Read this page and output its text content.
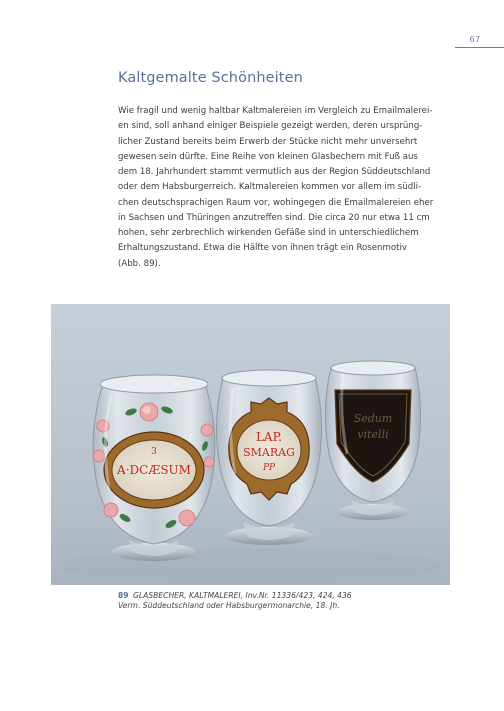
67
Kaltgemalte Schönheiten
Wie fragil und wenig haltbar Kaltmalereien im Vergleich zu Emailmalerei-
en sind, soll anhand einiger Beispiele gezeigt werden, deren ursprüng-
licher Zustand bereits beim Erwerb der Stücke nicht mehr unversehrt
gewesen sein dürfte. Eine Reihe von kleinen Glasbechern mit Fuß aus
dem 18. Jahrhundert stammt vermutlich aus der Region Süddeutschland
oder dem Habsburgerreich. Kaltmalereien kommen vor allem im südli-
chen deutschsprachigen Raum vor, wohingegen die Emailmalereien eher
in Sachsen und Thüringen anzutreffen sind. Die circa 20 nur etwa 11 cm
hohen, sehr zerbrechlich wirkenden Gefäße sind in unterschiedlichem
Erhaltungszustand. Etwa die Hälfte von ihnen trägt ein Rosenmotiv
(Abb. 89).
Sedum
vitelli
LAP.
SMARAG
PP
3
A·DCÆSUM
89 GLASBECHER, KALTMALEREI, Inv.Nr. 11336/423, 424, 436
Verm. Süddeutschland oder Habsburgermonarchie, 18. Jh.
